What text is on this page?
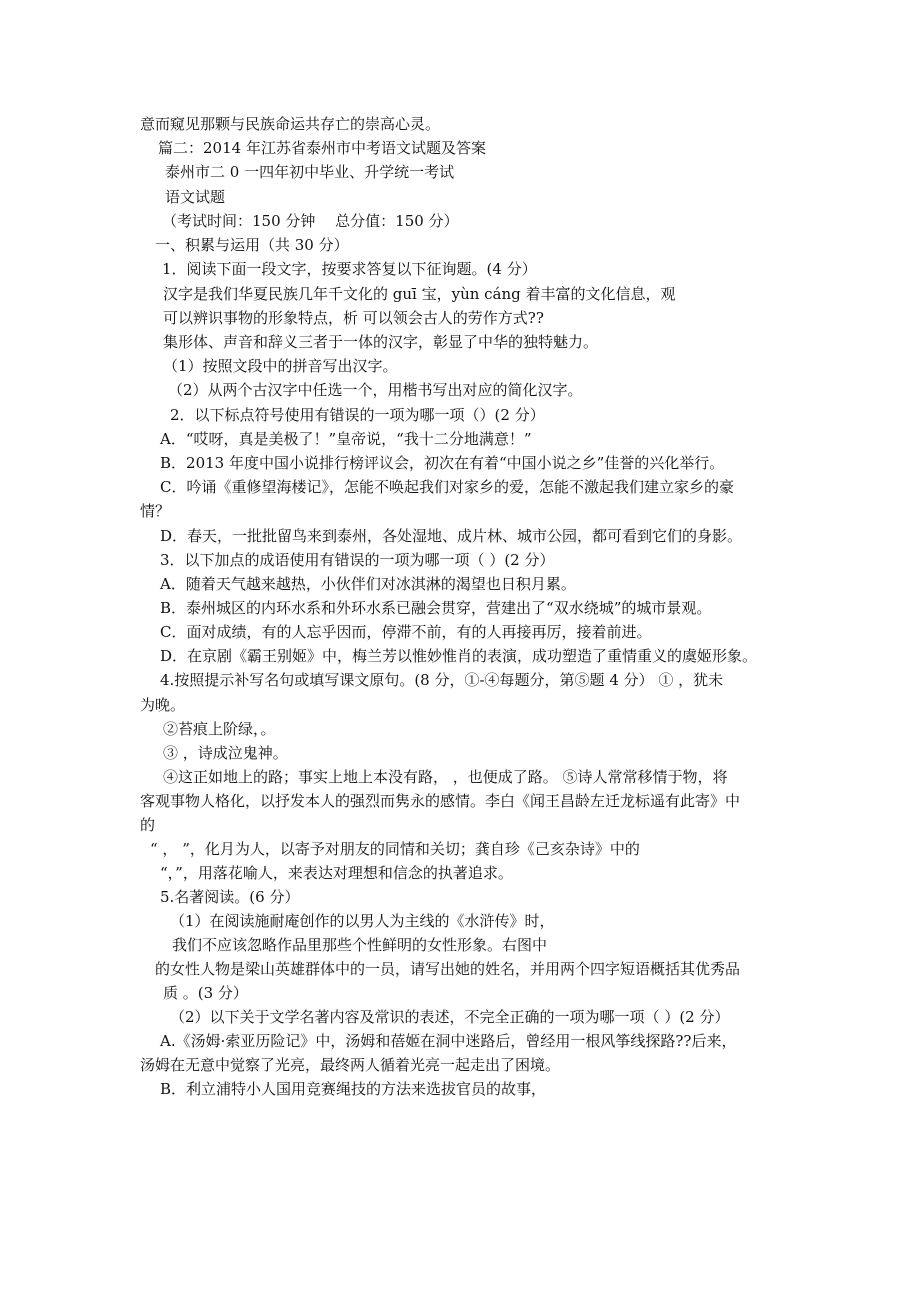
意而窥见那颗与民族命运共存亡的崇高心灵。
篇二：2014 年江苏省泰州市中考语文试题及答案
泰州市二 0 一四年初中毕业、升学统一考试
语文试题
（考试时间：150 分钟　 总分值：150 分）
一、积累与运用（共 30 分）
1．阅读下面一段文字，按要求答复以下征询题。(4 分）
汉字是我们华夏民族几年千文化的 guī 宝，yùn cáng 着丰富的文化信息，观
可以辨识事物的形象特点，析 可以领会古人的劳作方式??
集形体、声音和辞义三者于一体的汉字，彰显了中华的独特魅力。
（1）按照文段中的拼音写出汉字。
（2）从两个古汉字中任选一个，用楷书写出对应的简化汉字。
2．以下标点符号使用有错误的一项为哪一项（）(2 分）
A．“哎呀，真是美极了！”皇帝说，“我十二分地满意！”
B．2013 年度中国小说排行榜评议会，初次在有着“中国小说之乡”佳誉的兴化举行。
C．吟诵《重修望海楼记》，怎能不唤起我们对家乡的爱，怎能不激起我们建立家乡的豪
情？
D．春天，一批批留鸟来到泰州，各处湿地、成片林、城市公园，都可看到它们的身影。
3．以下加点的成语使用有错误的一项为哪一项（ ）(2 分）
A．随着天气越来越热，小伙伴们对冰淇淋的渴望也日积月累。
B．泰州城区的内环水系和外环水系已融会贯穿，营建出了“双水绕城”的城市景观。
C．面对成绩，有的人忘乎因而，停滞不前，有的人再接再厉，接着前进。
D．在京剧《霸王别姬》中，梅兰芳以惟妙惟肖的表演，成功塑造了重情重义的虞姬形象。
4.按照提示补写名句或填写课文原句。(8 分，①-④每题分，第⑤题 4 分） ① ，犹未
为晚。
②苔痕上阶绿，。
③ ，诗成泣鬼神。
④这正如地上的路；事实上地上本没有路， ，也便成了路。 ⑤诗人常常移情于物，将
客观事物人格化，以抒发本人的强烈而隽永的感情。李白《闻王昌龄左迁龙标遥有此寄》中
的
“ ， ”，化月为人，以寄予对朋友的同情和关切；龚自珍《己亥杂诗》中的
“，”，用落花喻人，来表达对理想和信念的执著追求。
5.名著阅读。(6 分）
（1）在阅读施耐庵创作的以男人为主线的《水浒传》时，
我们不应该忽略作品里那些个性鲜明的女性形象。右图中
的女性人物是梁山英雄群体中的一员，请写出她的姓名，并用两个四字短语概括其优秀品
质 。(3 分）
（2）以下关于文学名著内容及常识的表述，不完全正确的一项为哪一项（ ）(2 分）
A.《汤姆·索亚历险记》中，汤姆和蓓姬在洞中迷路后，曾经用一根风筝线探路??后来，
汤姆在无意中觉察了光亮，最终两人循着光亮一起走出了困境。
B．利立浦特小人国用竞赛绳技的方法来选拔官员的故事，
